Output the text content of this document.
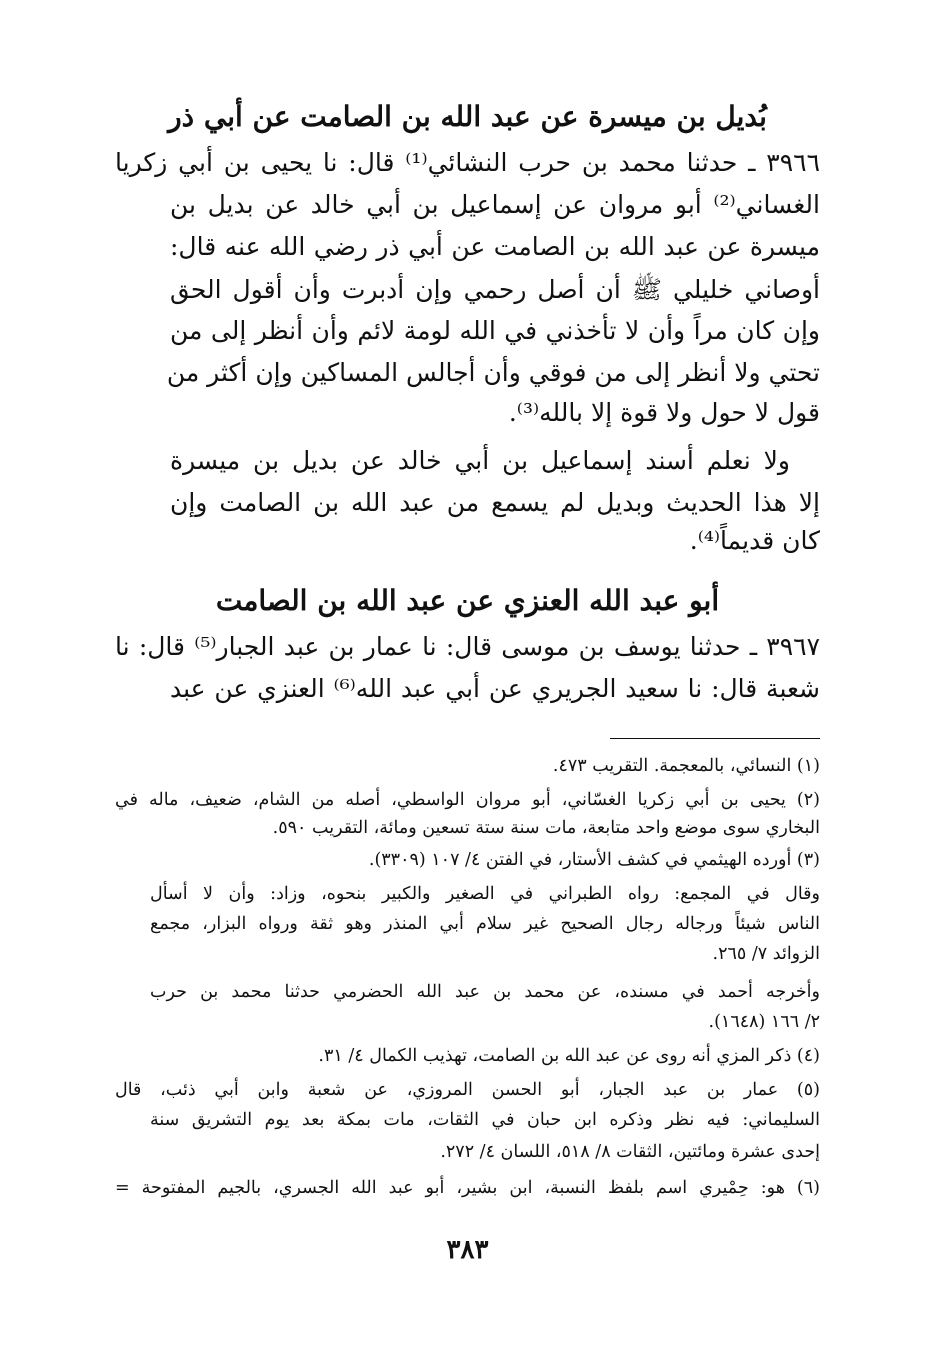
بُديل بن ميسرة عن عبد الله بن الصامت عن أبي ذر
٣٩٦٦ ـ حدثنا محمد بن حرب النشائي⁽¹⁾ قال: نا يحيى بن أبي زكريا
الغساني⁽²⁾ أبو مروان عن إسماعيل بن أبي خالد عن بديل بن
ميسرة عن عبد الله بن الصامت عن أبي ذر رضي الله عنه قال:
أوصاني خليلي ﷺ أن أصل رحمي وإن أدبرت وأن أقول الحق
وإن كان مراً وأن لا تأخذني في الله لومة لائم وأن أنظر إلى من
تحتي ولا أنظر إلى من فوقي وأن أجالس المساكين وإن أكثر من
قول لا حول ولا قوة إلا بالله⁽³⁾.
ولا نعلم أسند إسماعيل بن أبي خالد عن بديل بن ميسرة
إلا هذا الحديث وبديل لم يسمع من عبد الله بن الصامت وإن
كان قديماً⁽⁴⁾.
أبو عبد الله العنزي عن عبد الله بن الصامت
٣٩٦٧ ـ حدثنا يوسف بن موسى قال: نا عمار بن عبد الجبار⁽⁵⁾ قال: نا
شعبة قال: نا سعيد الجريري عن أبي عبد الله⁽⁶⁾ العنزي عن عبد
(١) النسائي، بالمعجمة. التقريب ٤٧٣.
(٢) يحيى بن أبي زكريا الغسّاني، أبو مروان الواسطي، أصله من الشام، ضعيف، ماله في
البخاري سوى موضع واحد متابعة، مات سنة ستة تسعين ومائة، التقريب ٥٩٠.
(٣) أورده الهيثمي في كشف الأستار، في الفتن ٤/ ١٠٧ (٣٣٠٩).
وقال في المجمع: رواه الطبراني في الصغير والكبير بنحوه، وزاد: وأن لا أسأل
الناس شيئاً ورجاله رجال الصحيح غير سلام أبي المنذر وهو ثقة ورواه البزار، مجمع
الزوائد ٧/ ٢٦٥.
وأخرجه أحمد في مسنده، عن محمد بن عبد الله الحضرمي حدثنا محمد بن حرب
٢/ ١٦٦ (١٦٤٨).
(٤) ذكر المزي أنه روى عن عبد الله بن الصامت، تهذيب الكمال ٤/ ٣١.
(٥) عمار بن عبد الجبار، أبو الحسن المروزي، عن شعبة وابن أبي ذئب، قال
السليماني: فيه نظر وذكره ابن حبان في الثقات، مات بمكة بعد يوم التشريق سنة
إحدى عشرة ومائتين، الثقات ٨/ ٥١٨، اللسان ٤/ ٢٧٢.
(٦) هو: حِمْيري اسم بلفظ النسبة، ابن بشير، أبو عبد الله الجسري، بالجيم المفتوحة =
٣٨٣
